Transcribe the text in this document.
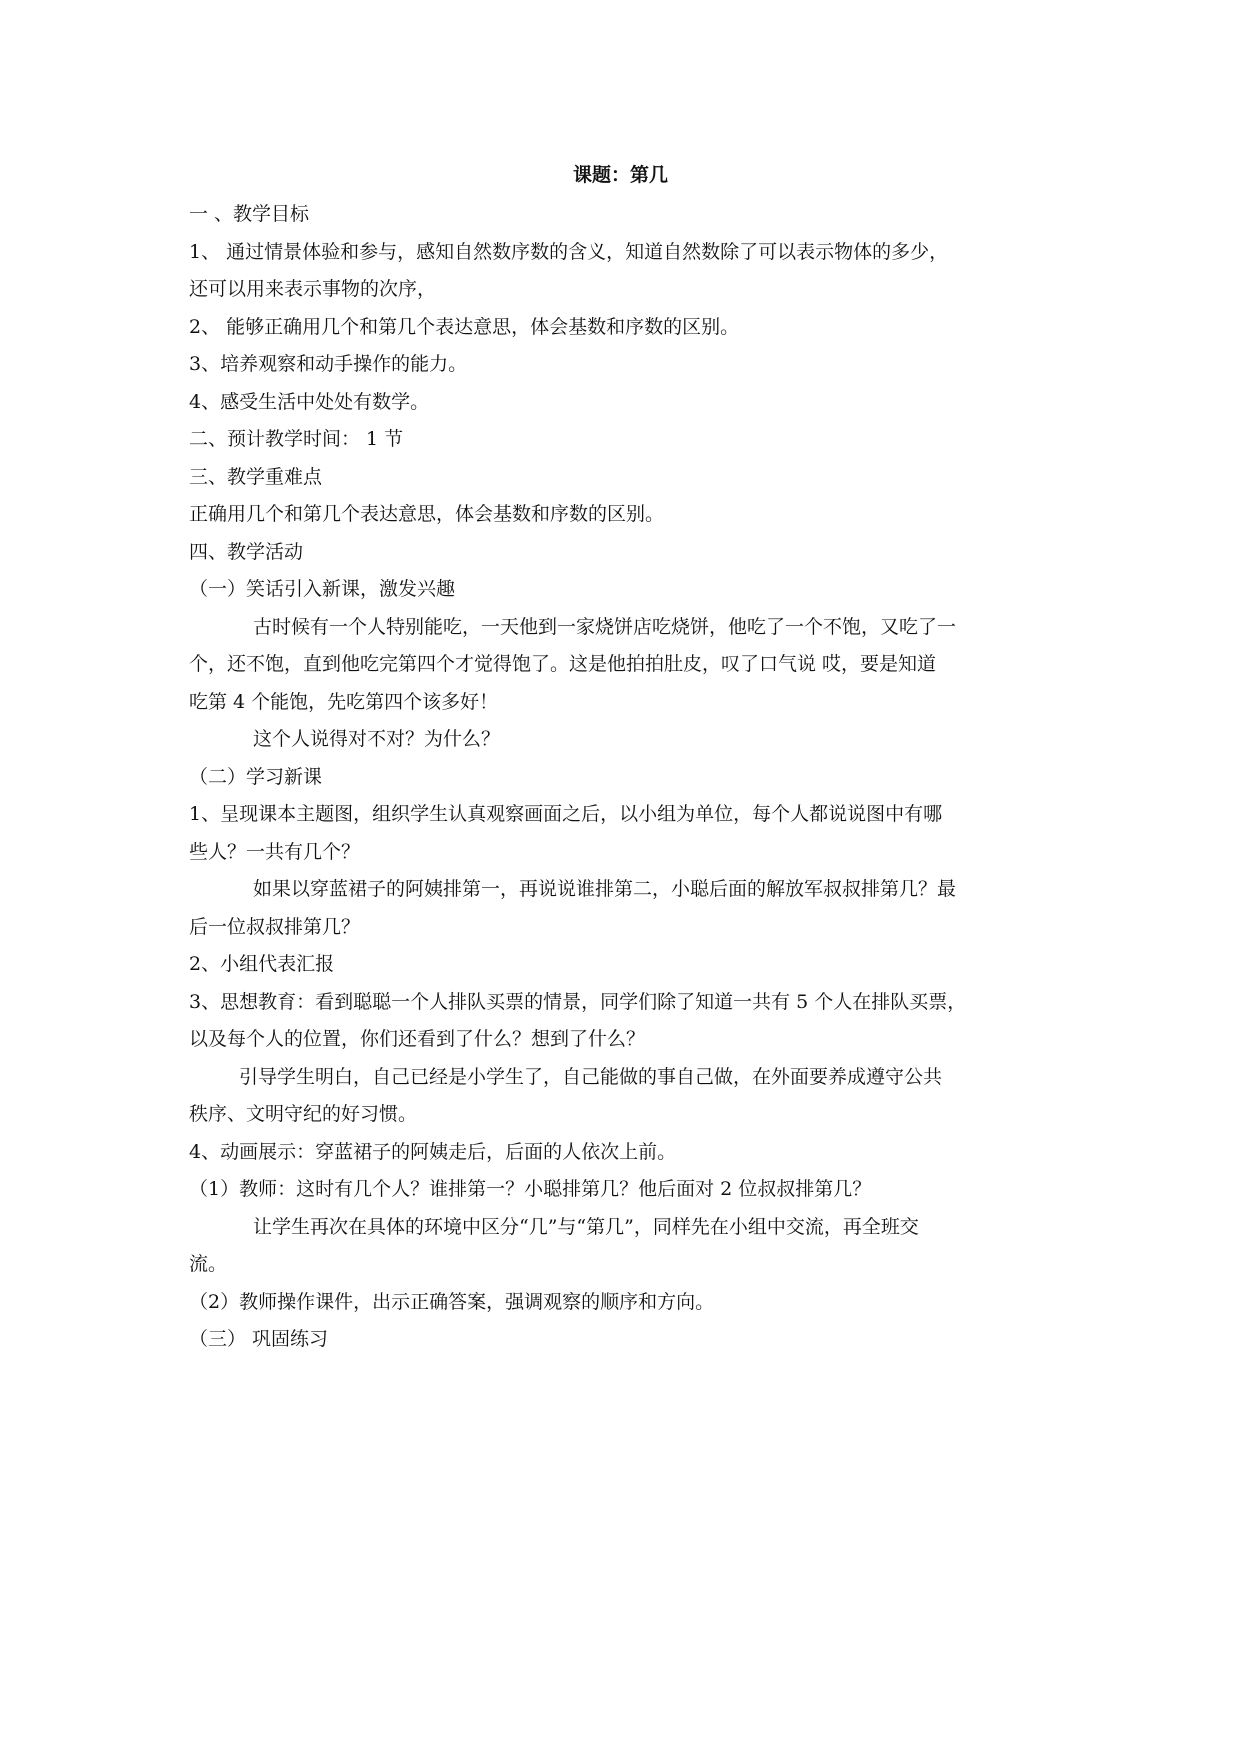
课题：第几

一 、教学目标

1、 通过情景体验和参与，感知自然数序数的含义，知道自然数除了可以表示物体的多少，

还可以用来表示事物的次序，

2、 能够正确用几个和第几个表达意思，体会基数和序数的区别。

3、培养观察和动手操作的能力。

4、感受生活中处处有数学。

二、预计教学时间： 1 节

三、教学重难点

正确用几个和第几个表达意思，体会基数和序数的区别。

四、教学活动

（一）笑话引入新课，激发兴趣

古时候有一个人特别能吃，一天他到一家烧饼店吃烧饼，他吃了一个不饱，又吃了一

个，还不饱，直到他吃完第四个才觉得饱了。这是他拍拍肚皮，叹了口气说 哎，要是知道

吃第 4 个能饱，先吃第四个该多好！

这个人说得对不对？为什么？

（二）学习新课

1、呈现课本主题图，组织学生认真观察画面之后，以小组为单位，每个人都说说图中有哪

些人？一共有几个？

如果以穿蓝裙子的阿姨排第一，再说说谁排第二，小聪后面的解放军叔叔排第几？最

后一位叔叔排第几？

2、小组代表汇报

3、思想教育：看到聪聪一个人排队买票的情景，同学们除了知道一共有 5 个人在排队买票，

以及每个人的位置，你们还看到了什么？想到了什么？

引导学生明白，自己已经是小学生了，自己能做的事自己做，在外面要养成遵守公共

秩序、文明守纪的好习惯。

4、动画展示：穿蓝裙子的阿姨走后，后面的人依次上前。

（1）教师：这时有几个人？谁排第一？小聪排第几？他后面对 2 位叔叔排第几？

让学生再次在具体的环境中区分“几”与“第几”，同样先在小组中交流，再全班交

流。

（2）教师操作课件，出示正确答案，强调观察的顺序和方向。

（三） 巩固练习
